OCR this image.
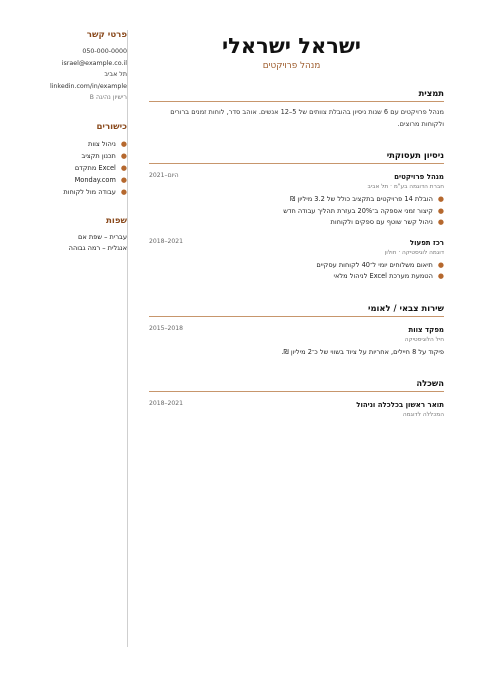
פרטי קשר
050-000-0000
israel@example.co.il
תל אביב
linkedin.com/in/example
רישיון נהיגה B
כישורים
●ניהול צוות
●תכנון תקציב
●Excel מתקדם
●Monday.com
●עבודה מול לקוחות
שפות
עברית – שפת אם
אנגלית – רמה גבוהה
ישראל ישראלי
מנהל פרויקטים
תמצית
מנהל פרויקטים עם 6 שנות ניסיון בהובלת צוותים של 5–12 אנשים. אוהב סדר, לוחות זמנים ברורים ולקוחות מרוצים.
ניסיון תעסוקתי
2021–היום	מנהל פרויקטים
חברת הדוגמה בע"מ · תל אביב
●הובלת 14 פרויקטים בתקציב כולל של 3.2 מיליון ₪
●קיצור זמני אספקה ב־20% בעזרת תהליך עבודה חדש
●ניהול קשר שוטף עם ספקים ולקוחות
2018–2021	רכז תפעול
דוגמה לוגיסטיקה · חולון
●תיאום משלוחים יומי ל־40 לקוחות עסקיים
●הטמעת מערכת Excel לניהול מלאי
שירות צבאי / לאומי
2015–2018	מפקד צוות
חיל הלוגיסטיקה
פיקוד על 8 חיילים, אחריות על ציוד בשווי של כ־2 מיליון ₪.
השכלה
2018–2021	תואר ראשון בכלכלה וניהול
המכללה לדוגמה
